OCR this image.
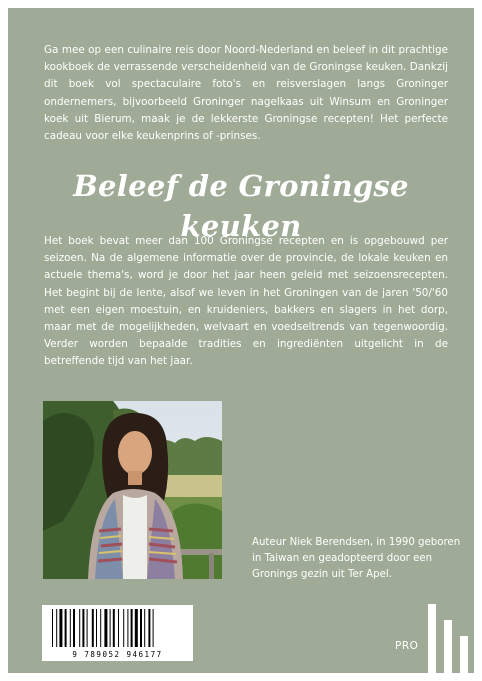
Ga mee op een culinaire reis door Noord-Nederland en beleef in dit prachtige kookboek de verrassende verscheidenheid van de Groningse keuken. Dankzij dit boek vol spectaculaire foto's en reisverslagen langs Groninger ondernemers, bijvoorbeeld Groninger nagelkaas uit Winsum en Groninger koek uit Bierum, maak je de lekkerste Groningse recepten! Het perfecte cadeau voor elke keukenprins of -prinses.

Beleef de Groningse keuken

Het boek bevat meer dan 100 Groningse recepten en is opgebouwd per seizoen. Na de algemene informatie over de provincie, de lokale keuken en actuele thema's, word je door het jaar heen geleid met seizoensrecepten. Het begint bij de lente, alsof we leven in het Groningen van de jaren '50/'60 met een eigen moestuin, en kruideniers, bakkers en slagers in het dorp, maar met de mogelijkheden, welvaart en voedseltrends van tegenwoordig. Verder worden bepaalde tradities en ingrediënten uitgelicht in de betreffende tijd van het jaar.

Auteur Niek Berendsen, in 1990 geboren in Taiwan en geadopteerd door een Gronings gezin uit Ter Apel.

9 789052 946177
PRO
